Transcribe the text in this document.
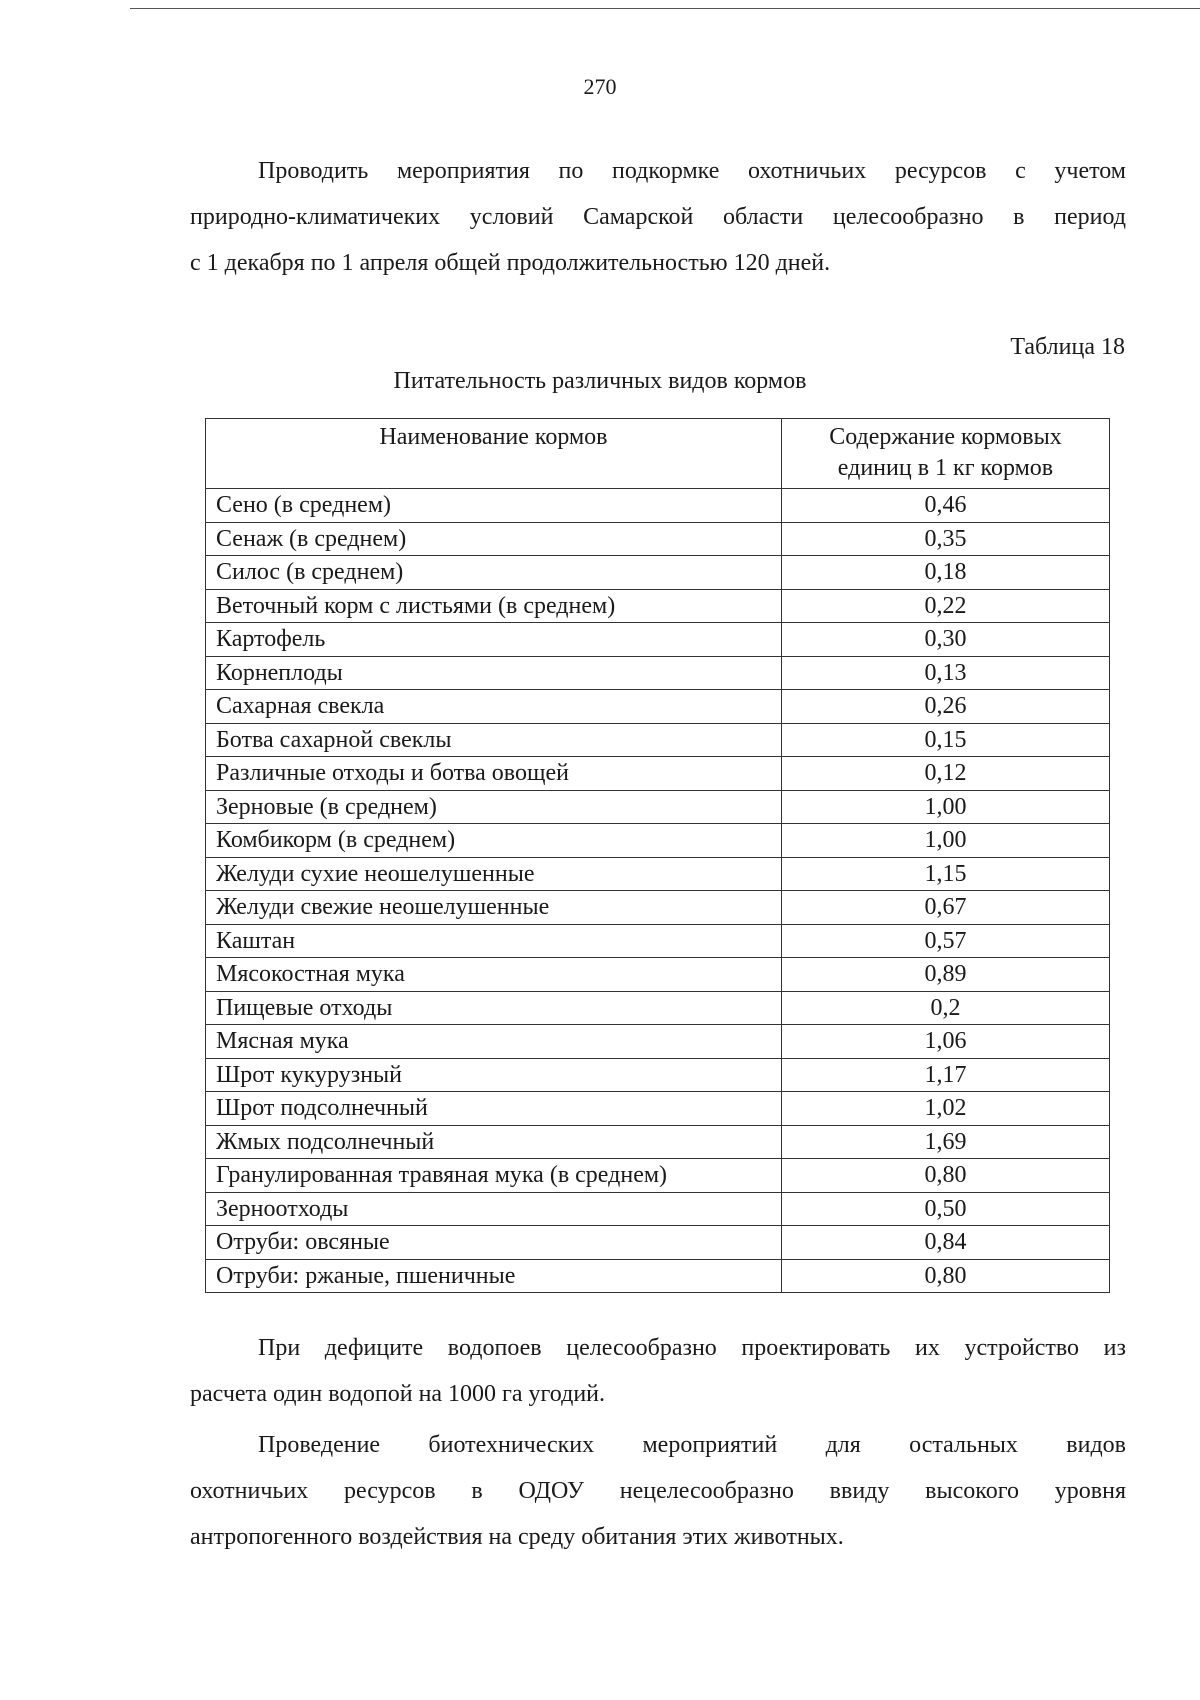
270
Проводить мероприятия по подкормке охотничьих ресурсов с учетом
природно-климатичеких условий Самарской области целесообразно в период
с 1 декабря по 1 апреля общей продолжительностью 120 дней.
Таблица 18
Питательность различных видов кормов
Наименование кормов	Содержание кормовых единиц в 1 кг кормов
Сено (в среднем)	0,46
Сенаж (в среднем)	0,35
Силос (в среднем)	0,18
Веточный корм с листьями (в среднем)	0,22
Картофель	0,30
Корнеплоды	0,13
Сахарная свекла	0,26
Ботва сахарной свеклы	0,15
Различные отходы и ботва овощей	0,12
Зерновые (в среднем)	1,00
Комбикорм (в среднем)	1,00
Желуди сухие неошелушенные	1,15
Желуди свежие неошелушенные	0,67
Каштан	0,57
Мясокостная мука	0,89
Пищевые отходы	0,2
Мясная мука	1,06
Шрот кукурузный	1,17
Шрот подсолнечный	1,02
Жмых подсолнечный	1,69
Гранулированная травяная мука (в среднем)	0,80
Зерноотходы	0,50
Отруби: овсяные	0,84
Отруби: ржаные, пшеничные	0,80
При дефиците водопоев целесообразно проектировать их устройство из
расчета один водопой на 1000 га угодий.
Проведение биотехнических мероприятий для остальных видов
охотничьих ресурсов в ОДОУ нецелесообразно ввиду высокого уровня
антропогенного воздействия на среду обитания этих животных.
